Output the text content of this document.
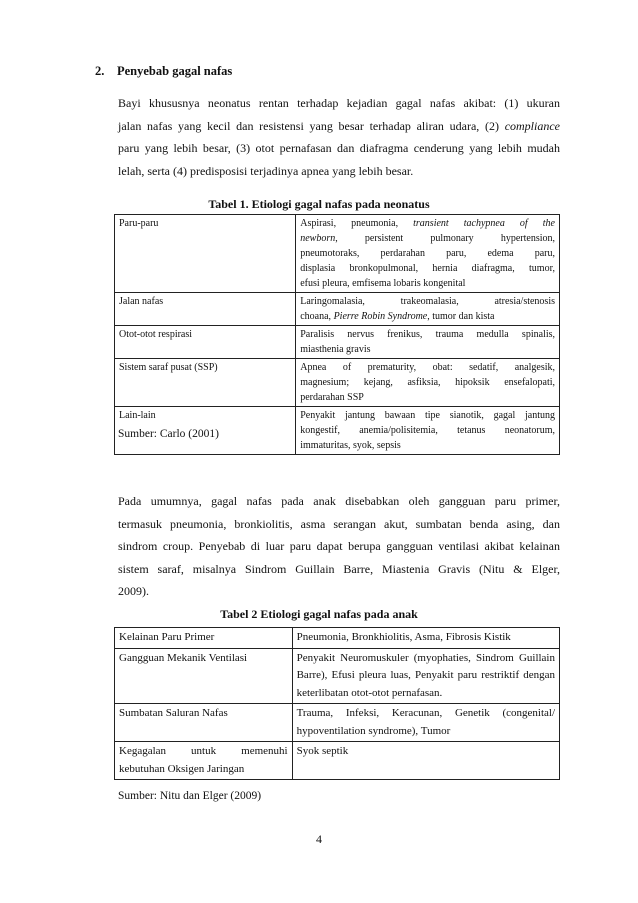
2. Penyebab gagal nafas
Bayi khususnya neonatus rentan terhadap kejadian gagal nafas akibat: (1) ukuran
jalan nafas yang kecil dan resistensi yang besar terhadap aliran udara, (2) compliance
paru yang lebih besar, (3) otot pernafasan dan diafragma cenderung yang lebih mudah
lelah, serta (4) predisposisi terjadinya apnea yang lebih besar.
Tabel 1. Etiologi gagal nafas pada neonatus
Paru-paru	Aspirasi, pneumonia, transient tachypnea of the
newborn, persistent pulmonary hypertension,
pneumotoraks, perdarahan paru, edema paru,
displasia bronkopulmonal, hernia diafragma, tumor,
efusi pleura, emfisema lobaris kongenital

Jalan nafas	Laringomalasia, trakeomalasia, atresia/stenosis
choana, Pierre Robin Syndrome, tumor dan kista

Otot-otot respirasi	Paralisis nervus frenikus, trauma medulla spinalis,
miasthenia gravis

Sistem saraf pusat (SSP)	Apnea of prematurity, obat: sedatif, analgesik,
magnesium; kejang, asfiksia, hipoksik ensefalopati,
perdarahan SSP

Lain-lain	Penyakit jantung bawaan tipe sianotik, gagal jantung
kongestif, anemia/polisitemia, tetanus neonatorum,
immaturitas, syok, sepsis
Sumber: Carlo (2001)
Pada umumnya, gagal nafas pada anak disebabkan oleh gangguan paru primer,
termasuk pneumonia, bronkiolitis, asma serangan akut, sumbatan benda asing, dan
sindrom croup. Penyebab di luar paru dapat berupa gangguan ventilasi akibat kelainan
sistem saraf, misalnya Sindrom Guillain Barre, Miastenia Gravis (Nitu & Elger,
2009).
Tabel 2 Etiologi gagal nafas pada anak
Kelainan Paru Primer	Pneumonia, Bronkhiolitis, Asma, Fibrosis Kistik
Gangguan Mekanik Ventilasi	Penyakit Neuromuskuler (myophaties, Sindrom Guillain Barre), Efusi pleura luas, Penyakit paru restriktif dengan keterlibatan otot-otot pernafasan.
Sumbatan Saluran Nafas	Trauma, Infeksi, Keracunan, Genetik (congenital/ hypoventilation syndrome), Tumor
Kegagalan untuk memenuhi kebutuhan Oksigen Jaringan	Syok septik
Sumber: Nitu dan Elger (2009)
4
